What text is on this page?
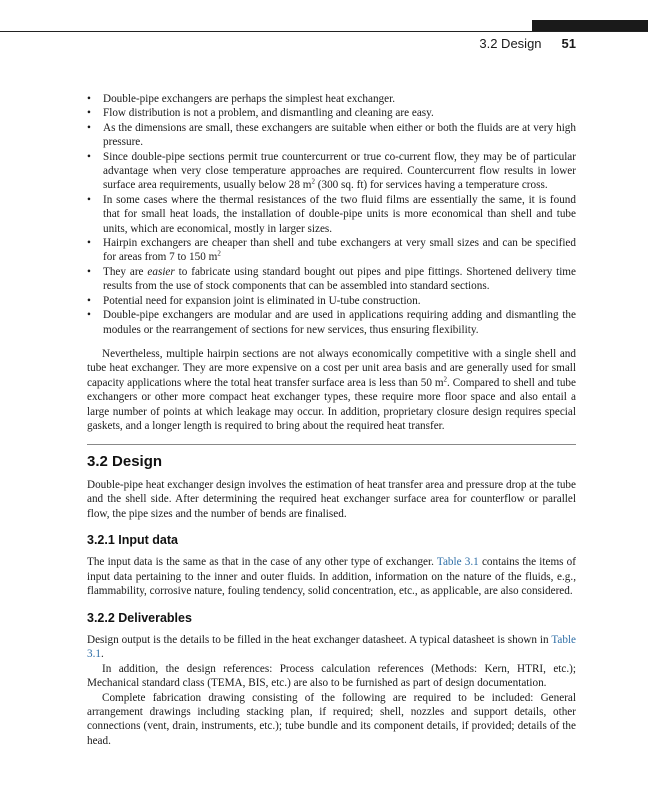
3.2 Design 51
• Double-pipe exchangers are perhaps the simplest heat exchanger.
• Flow distribution is not a problem, and dismantling and cleaning are easy.
• As the dimensions are small, these exchangers are suitable when either or both the fluids are at very high pressure.
• Since double-pipe sections permit true countercurrent or true co-current flow, they may be of particular advantage when very close temperature approaches are required. Countercurrent flow results in lower surface area requirements, usually below 28 $m^2$ (300 sq. ft) for services having a temperature cross.
• In some cases where the thermal resistances of the two fluid films are essentially the same, it is found that for small heat loads, the installation of double-pipe units is more economical than shell and tube units, which are economical, mostly in larger sizes.
• Hairpin exchangers are cheaper than shell and tube exchangers at very small sizes and can be specified for areas from 7 to 150 $m^2$
• They are easier to fabricate using standard bought out pipes and pipe fittings. Shortened delivery time results from the use of stock components that can be assembled into standard sections.
• Potential need for expansion joint is eliminated in U-tube construction.
• Double-pipe exchangers are modular and are used in applications requiring adding and dismantling the modules or the rearrangement of sections for new services, thus ensuring flexibility.

Nevertheless, multiple hairpin sections are not always economically competitive with a single shell and tube heat exchanger. They are more expensive on a cost per unit area basis and are generally used for small capacity applications where the total heat transfer surface area is less than 50 $m^2$. Compared to shell and tube exchangers or other more compact heat exchanger types, these require more floor space and also entail a large number of points at which leakage may occur. In addition, proprietary closure design requires special gaskets, and a longer length is required to bring about the required heat transfer.

3.2 Design

Double-pipe heat exchanger design involves the estimation of heat transfer area and pressure drop at the tube and the shell side. After determining the required heat exchanger surface area for counterflow or parallel flow, the pipe sizes and the number of bends are finalised.

3.2.1 Input data

The input data is the same as that in the case of any other type of exchanger. Table 3.1 contains the items of input data pertaining to the inner and outer fluids. In addition, information on the nature of the fluids, e.g., flammability, corrosive nature, fouling tendency, solid concentration, etc., as applicable, are also considered.

3.2.2 Deliverables

Design output is the details to be filled in the heat exchanger datasheet. A typical datasheet is shown in Table 3.1.

In addition, the design references: Process calculation references (Methods: Kern, HTRI, etc.); Mechanical standard class (TEMA, BIS, etc.) are also to be furnished as part of design documentation.

Complete fabrication drawing consisting of the following are required to be included: General arrangement drawings including stacking plan, if required; shell, nozzles and support details, other connections (vent, drain, instruments, etc.); tube bundle and its component details, if provided; details of the head.
